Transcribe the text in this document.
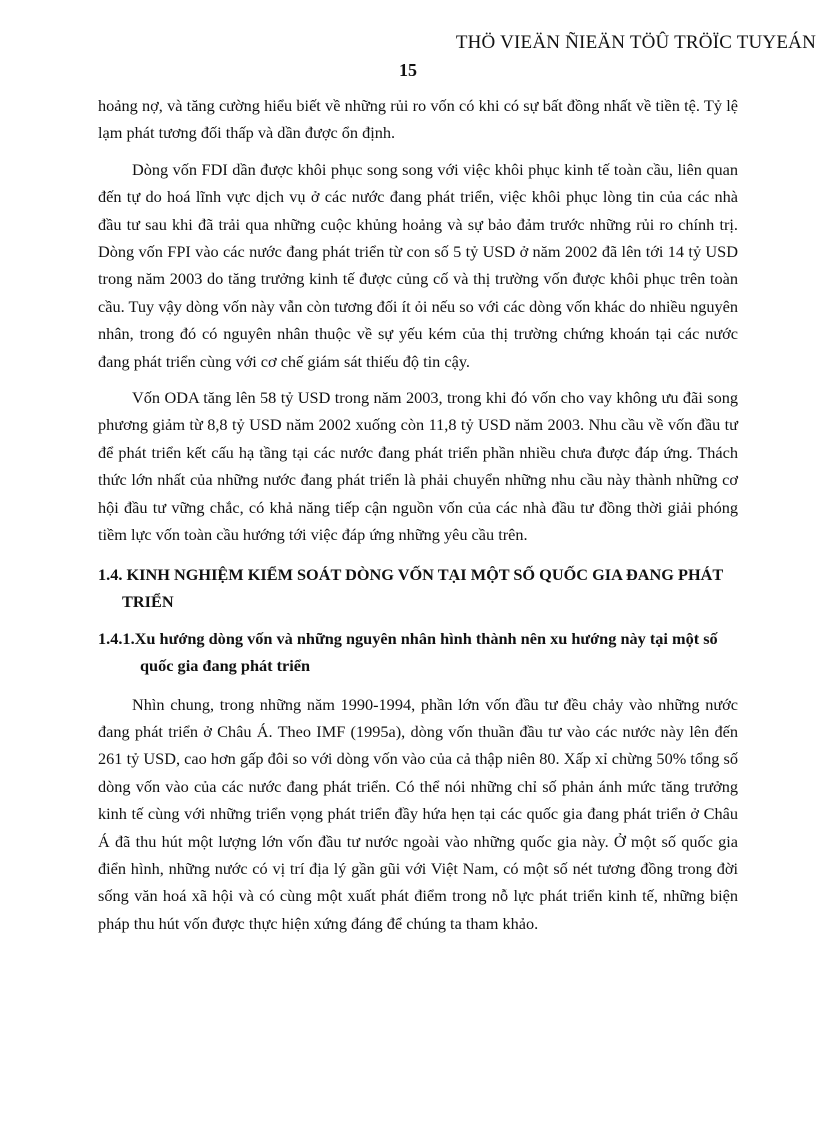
THÖ VIEÄN ÑIEÄN TÖÛ TRÖÏC TUYEÁN
15

hoảng nợ, và tăng cường hiểu biết về những rủi ro vốn có khi có sự bất đồng nhất về tiền tệ. Tỷ lệ lạm phát tương đối thấp và dần được ổn định.

Dòng vốn FDI dần được khôi phục song song với việc khôi phục kinh tế toàn cầu, liên quan đến tự do hoá lĩnh vực dịch vụ ở các nước đang phát triển, việc khôi phục lòng tin của các nhà đầu tư sau khi đã trải qua những cuộc khủng hoảng và sự bảo đảm trước những rủi ro chính trị. Dòng vốn FPI vào các nước đang phát triển từ con số 5 tỷ USD ở năm 2002 đã lên tới 14 tỷ USD trong năm 2003 do tăng trưởng kinh tế được củng cố và thị trường vốn được khôi phục trên toàn cầu. Tuy vậy dòng vốn này vẫn còn tương đối ít ỏi nếu so với các dòng vốn khác do nhiều nguyên nhân, trong đó có nguyên nhân thuộc về sự yếu kém của thị trường chứng khoán tại các nước đang phát triển cùng với cơ chế giám sát thiếu độ tin cậy.

Vốn ODA tăng lên 58 tỷ USD trong năm 2003, trong khi đó vốn cho vay không ưu đãi song phương giảm từ 8,8 tỷ USD năm 2002 xuống còn 11,8 tỷ USD năm 2003. Nhu cầu về vốn đầu tư để phát triển kết cấu hạ tầng tại các nước đang phát triển phần nhiều chưa được đáp ứng. Thách thức lớn nhất của những nước đang phát triển là phải chuyển những nhu cầu này thành những cơ hội đầu tư vững chắc, có khả năng tiếp cận nguồn vốn của các nhà đầu tư đồng thời giải phóng tiềm lực vốn toàn cầu hướng tới việc đáp ứng những yêu cầu trên.

1.4. KINH NGHIỆM KIỂM SOÁT DÒNG VỐN TẠI MỘT SỐ QUỐC GIA ĐANG PHÁT TRIỂN
1.4.1.Xu hướng dòng vốn và những nguyên nhân hình thành nên xu hướng này tại một số quốc gia đang phát triển

Nhìn chung, trong những năm 1990-1994, phần lớn vốn đầu tư đều chảy vào những nước đang phát triển ở Châu Á. Theo IMF (1995a), dòng vốn thuần đầu tư vào các nước này lên đến 261 tỷ USD, cao hơn gấp đôi so với dòng vốn vào của cả thập niên 80. Xấp xỉ chừng 50% tổng số dòng vốn vào của các nước đang phát triển. Có thể nói những chỉ số phản ánh mức tăng trưởng kinh tế cùng với những triển vọng phát triển đầy hứa hẹn tại các quốc gia đang phát triển ở Châu Á đã thu hút một lượng lớn vốn đầu tư nước ngoài vào những quốc gia này. Ở một số quốc gia điển hình, những nước có vị trí địa lý gần gũi với Việt Nam, có một số nét tương đồng trong đời sống văn hoá xã hội và có cùng một xuất phát điểm trong nỗ lực phát triển kinh tế, những biện pháp thu hút vốn được thực hiện xứng đáng để chúng ta tham khảo.
